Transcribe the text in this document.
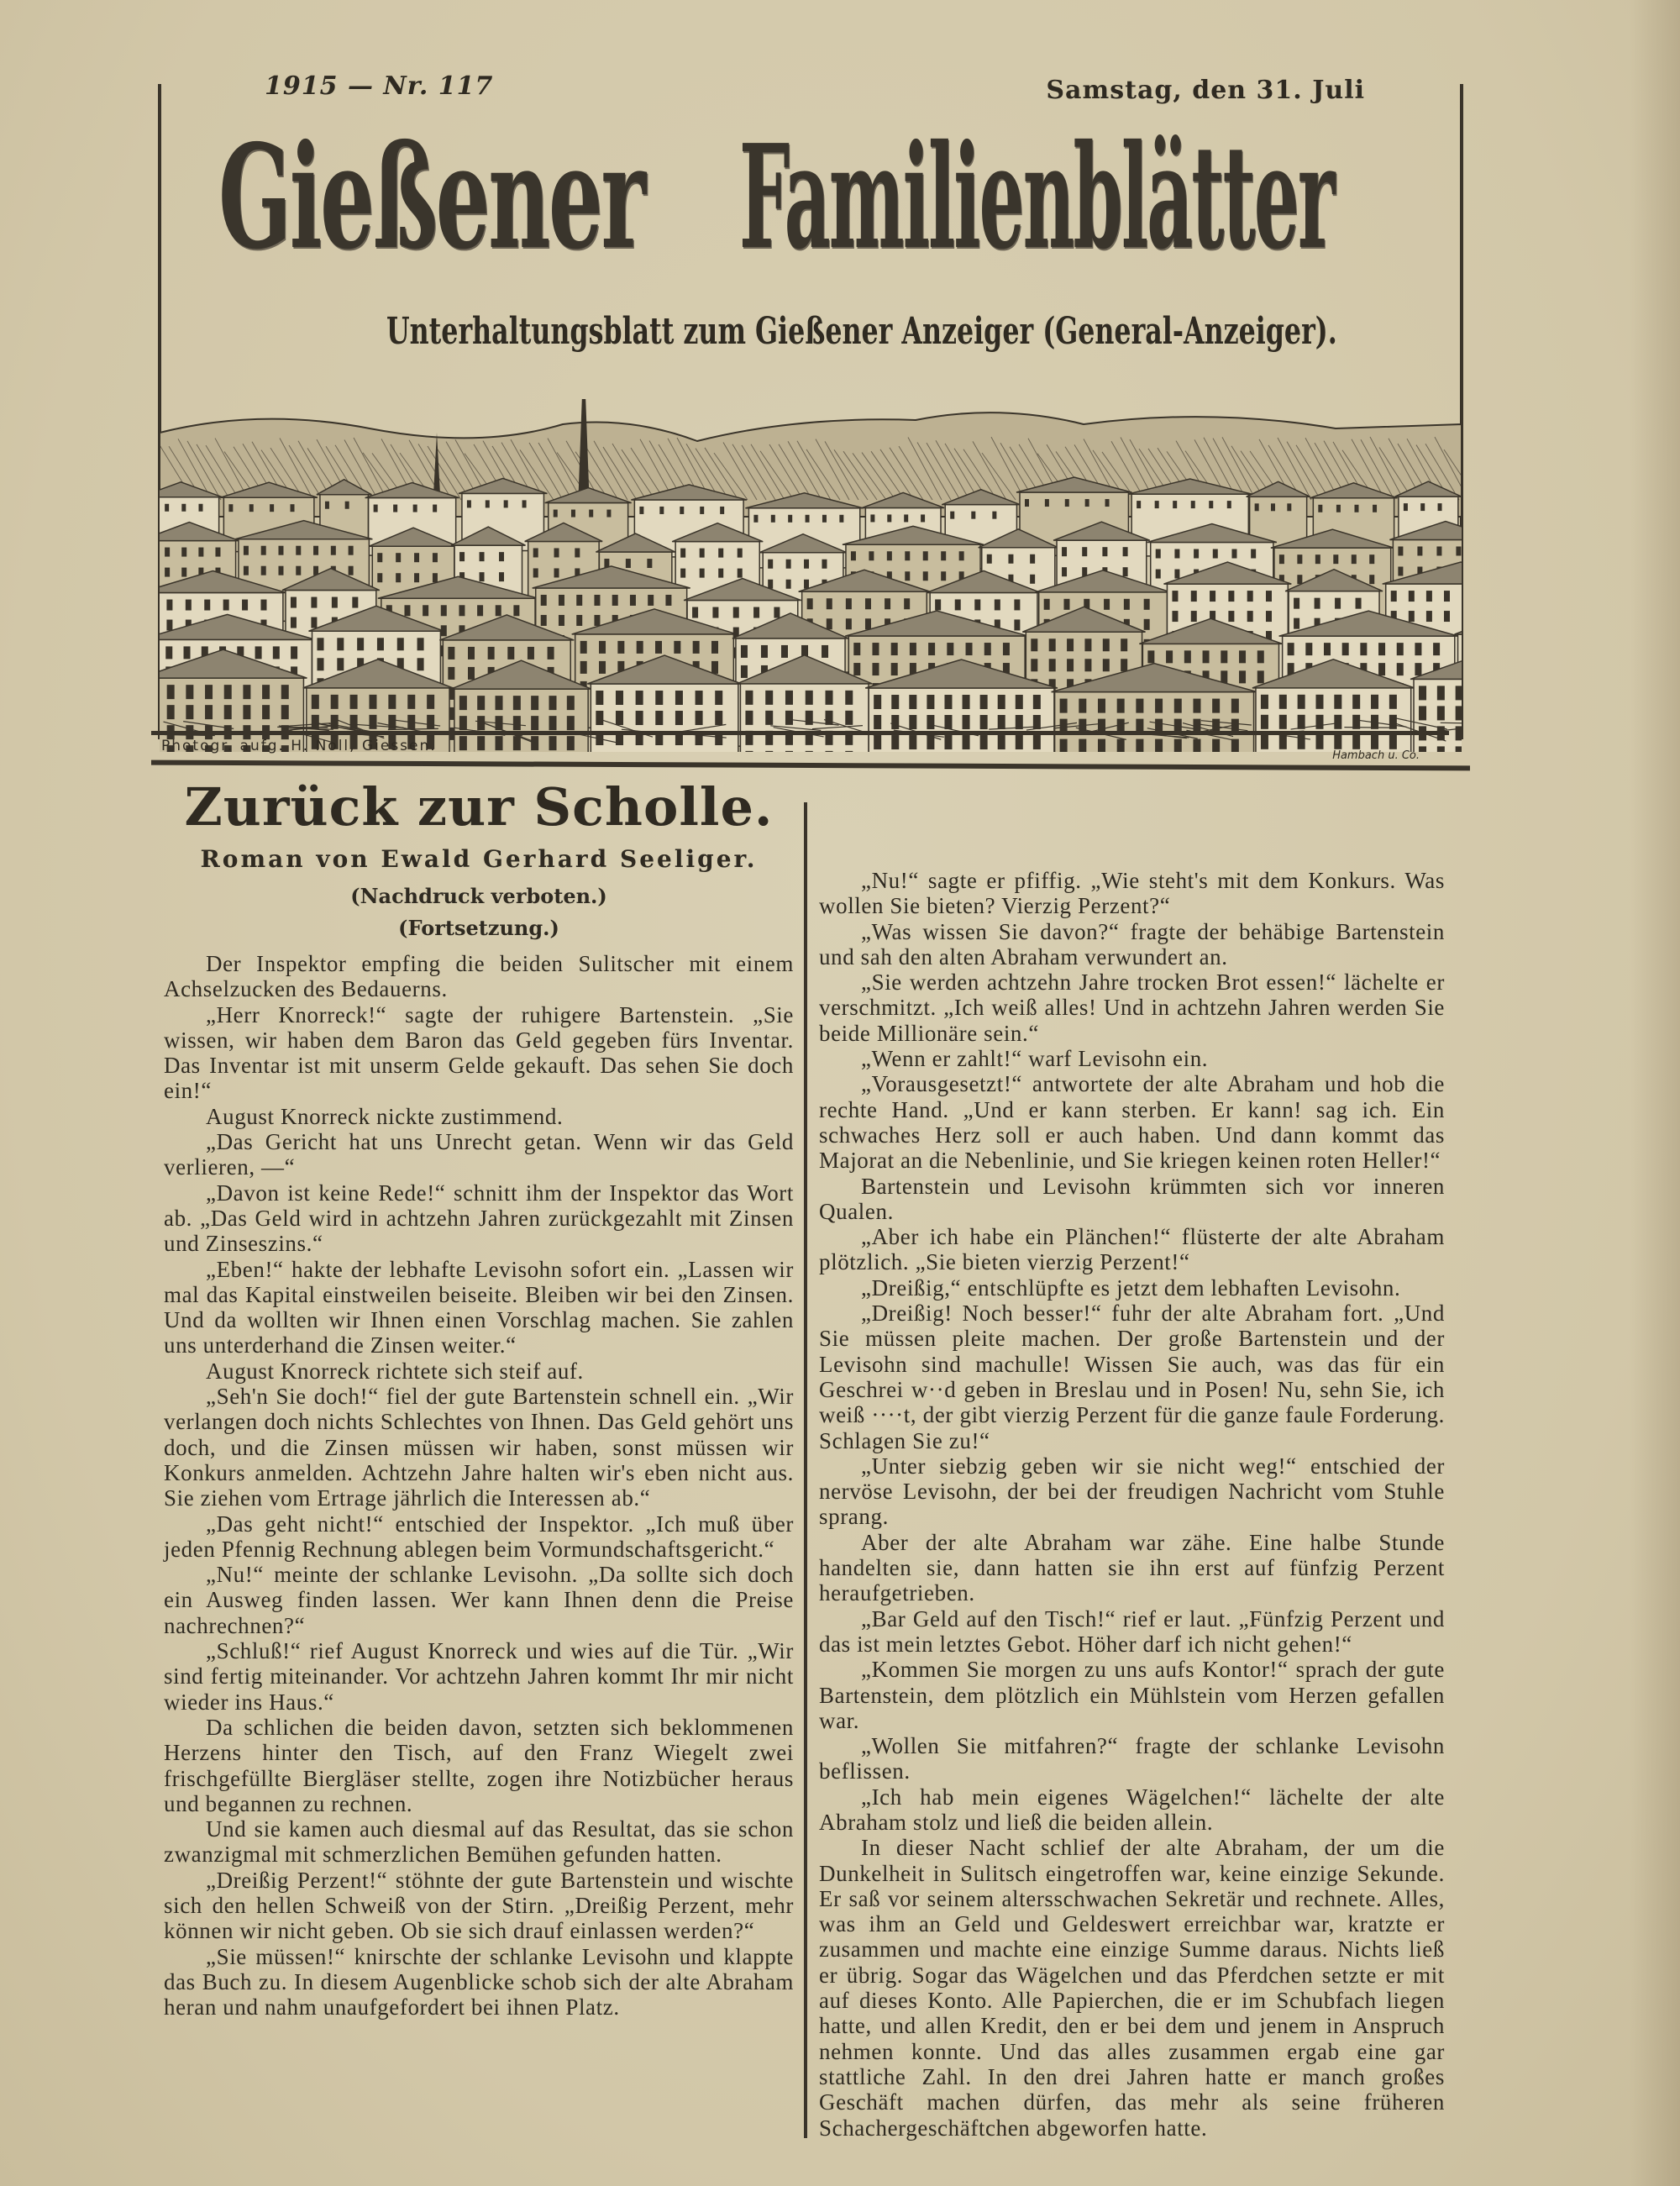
1915 — Nr. 117	Samstag, den 31. Juli
Gießener Familienblätter
Unterhaltungsblatt zum Gießener Anzeiger (General-Anzeiger).
Photogr. aufg. H. Noll, Giessen.
Hambach u. Co.
Zurück zur Scholle.
Roman von Ewald Gerhard Seeliger.
(Nachdruck verboten.)
(Fortsetzung.)

Der Inspektor empfing die beiden Sulitscher mit einem Achselzucken des Bedauerns.

„Herr Knorreck!“ sagte der ruhigere Bartenstein. „Sie wissen, wir haben dem Baron das Geld gegeben fürs Inventar. Das Inventar ist mit unserm Gelde gekauft. Das sehen Sie doch ein!“

August Knorreck nickte zustimmend.

„Das Gericht hat uns Unrecht getan. Wenn wir das Geld verlieren, —“

„Davon ist keine Rede!“ schnitt ihm der Inspektor das Wort ab. „Das Geld wird in achtzehn Jahren zurückgezahlt mit Zinsen und Zinseszins.“

„Eben!“ hakte der lebhafte Levisohn sofort ein. „Lassen wir mal das Kapital einstweilen beiseite. Bleiben wir bei den Zinsen. Und da wollten wir Ihnen einen Vorschlag machen. Sie zahlen uns unterderhand die Zinsen weiter.“

August Knorreck richtete sich steif auf.

„Seh'n Sie doch!“ fiel der gute Bartenstein schnell ein. „Wir verlangen doch nichts Schlechtes von Ihnen. Das Geld gehört uns doch, und die Zinsen müssen wir haben, sonst müssen wir Konkurs anmelden. Achtzehn Jahre halten wir's eben nicht aus. Sie ziehen vom Ertrage jährlich die Interessen ab.“

„Das geht nicht!“ entschied der Inspektor. „Ich muß über jeden Pfennig Rechnung ablegen beim Vormundschaftsgericht.“

„Nu!“ meinte der schlanke Levisohn. „Da sollte sich doch ein Ausweg finden lassen. Wer kann Ihnen denn die Preise nachrechnen?“

„Schluß!“ rief August Knorreck und wies auf die Tür. „Wir sind fertig miteinander. Vor achtzehn Jahren kommt Ihr mir nicht wieder ins Haus.“

Da schlichen die beiden davon, setzten sich beklommenen Herzens hinter den Tisch, auf den Franz Wiegelt zwei frischgefüllte Biergläser stellte, zogen ihre Notizbücher heraus und begannen zu rechnen.

Und sie kamen auch diesmal auf das Resultat, das sie schon zwanzigmal mit schmerzlichen Bemühen gefunden hatten.

„Dreißig Perzent!“ stöhnte der gute Bartenstein und wischte sich den hellen Schweiß von der Stirn. „Dreißig Perzent, mehr können wir nicht geben. Ob sie sich drauf einlassen werden?“

„Sie müssen!“ knirschte der schlanke Levisohn und klappte das Buch zu. In diesem Augenblicke schob sich der alte Abraham heran und nahm unaufgefordert bei ihnen Platz.

„Nu!“ sagte er pfiffig. „Wie steht's mit dem Konkurs. Was wollen Sie bieten? Vierzig Perzent?“

„Was wissen Sie davon?“ fragte der behäbige Bartenstein und sah den alten Abraham verwundert an.

„Sie werden achtzehn Jahre trocken Brot essen!“ lächelte er verschmitzt. „Ich weiß alles! Und in achtzehn Jahren werden Sie beide Millionäre sein.“

„Wenn er zahlt!“ warf Levisohn ein.

„Vorausgesetzt!“ antwortete der alte Abraham und hob die rechte Hand. „Und er kann sterben. Er kann! sag ich. Ein schwaches Herz soll er auch haben. Und dann kommt das Majorat an die Nebenlinie, und Sie kriegen keinen roten Heller!“

Bartenstein und Levisohn krümmten sich vor inneren Qualen.

„Aber ich habe ein Plänchen!“ flüsterte der alte Abraham plötzlich. „Sie bieten vierzig Perzent!“

„Dreißig,“ entschlüpfte es jetzt dem lebhaften Levisohn.

„Dreißig! Noch besser!“ fuhr der alte Abraham fort. „Und Sie müssen pleite machen. Der große Bartenstein und der Levisohn sind machulle! Wissen Sie auch, was das für ein Geschrei w··d geben in Breslau und in Posen! Nu, sehn Sie, ich weiß ····t, der gibt vierzig Perzent für die ganze faule Forderung. Schlagen Sie zu!“

„Unter siebzig geben wir sie nicht weg!“ entschied der nervöse Levisohn, der bei der freudigen Nachricht vom Stuhle sprang.

Aber der alte Abraham war zähe. Eine halbe Stunde handelten sie, dann hatten sie ihn erst auf fünfzig Perzent heraufgetrieben.

„Bar Geld auf den Tisch!“ rief er laut. „Fünfzig Perzent und das ist mein letztes Gebot. Höher darf ich nicht gehen!“

„Kommen Sie morgen zu uns aufs Kontor!“ sprach der gute Bartenstein, dem plötzlich ein Mühlstein vom Herzen gefallen war.

„Wollen Sie mitfahren?“ fragte der schlanke Levisohn beflissen.

„Ich hab mein eigenes Wägelchen!“ lächelte der alte Abraham stolz und ließ die beiden allein.

In dieser Nacht schlief der alte Abraham, der um die Dunkelheit in Sulitsch eingetroffen war, keine einzige Sekunde. Er saß vor seinem altersschwachen Sekretär und rechnete. Alles, was ihm an Geld und Geldeswert erreichbar war, kratzte er zusammen und machte eine einzige Summe daraus. Nichts ließ er übrig. Sogar das Wägelchen und das Pferdchen setzte er mit auf dieses Konto. Alle Papierchen, die er im Schubfach liegen hatte, und allen Kredit, den er bei dem und jenem in Anspruch nehmen konnte. Und das alles zusammen ergab eine gar stattliche Zahl. In den drei Jahren hatte er manch großes Geschäft machen dürfen, das mehr als seine früheren Schachergeschäftchen abgeworfen hatte.
